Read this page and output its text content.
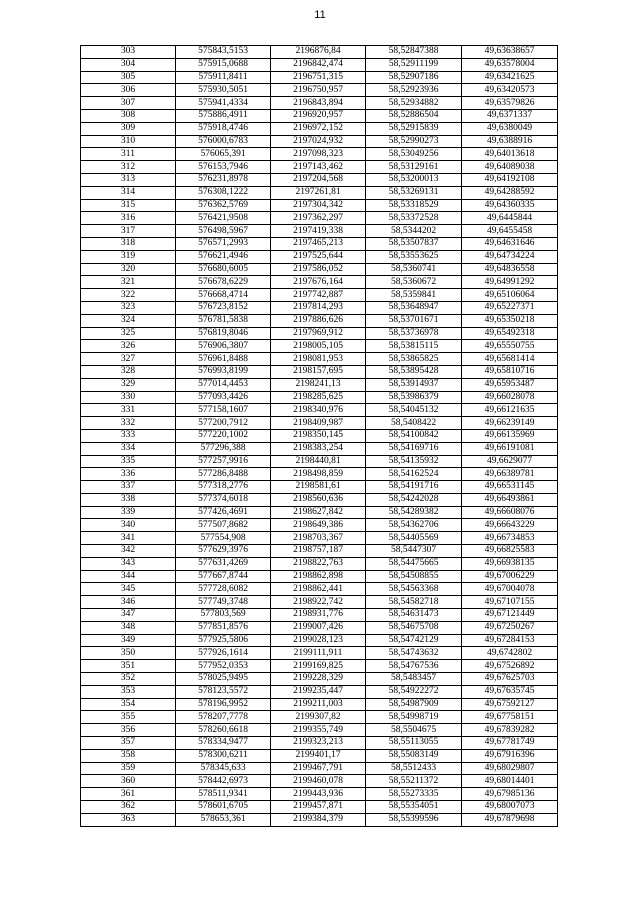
11
303	575843,5153	2196876,84	58,52847388	49,63638657
304	575915,0688	2196842,474	58,52911199	49,63578004
305	575911,8411	2196751,315	58,52907186	49,63421625
306	575930,5051	2196750,957	58,52923936	49,63420573
307	575941,4334	2196843,894	58,52934882	49,63579826
308	575886,4911	2196920,957	58,52886504	49,6371337
309	575918,4746	2196972,152	58,52915839	49,6380049
310	576000,6783	2197024,932	58,52990273	49,6388916
311	576065,391	2197098,323	58,53049256	49,64013618
312	576153,7946	2197143,462	58,53129161	49,64089038
313	576231,8978	2197204,568	58,53200013	49,64192108
314	576308,1222	2197261,81	58,53269131	49,64288592
315	576362,5769	2197304,342	58,53318529	49,64360335
316	576421,9508	2197362,297	58,53372528	49,6445844
317	576498,5967	2197419,338	58,5344202	49,6455458
318	576571,2993	2197465,213	58,53507837	49,64631646
319	576621,4946	2197525,644	58,53553625	49,64734224
320	576680,6005	2197586,052	58,5360741	49,64836558
321	576678,6229	2197676,164	58,5360672	49,64991292
322	576668,4714	2197742,887	58,5359841	49,65106064
323	576723,8152	2197814,293	58,53648947	49,65227371
324	576781,5838	2197886,626	58,53701671	49,65350218
325	576819,8046	2197969,912	58,53736978	49,65492318
326	576906,3807	2198005,105	58,53815115	49,65550755
327	576961,8488	2198081,953	58,53865825	49,65681414
328	576993,8199	2198157,695	58,53895428	49,65810716
329	577014,4453	2198241,13	58,53914937	49,65953487
330	577093,4426	2198285,625	58,53986379	49,66028078
331	577158,1607	2198340,976	58,54045132	49,66121635
332	577200,7912	2198409,987	58,5408422	49,66239149
333	577220,1002	2198350,145	58,54100842	49,66135969
334	577296,388	2198383,254	58,54169716	49,66191081
335	577257,9916	2198440,81	58,54135932	49,6629077
336	577286,8488	2198498,859	58,54162524	49,66389781
337	577318,2776	2198581,61	58,54191716	49,66531145
338	577374,6018	2198560,636	58,54242028	49,66493861
339	577426,4691	2198627,842	58,54289382	49,66608076
340	577507,8682	2198649,386	58,54362706	49,66643229
341	577554,908	2198703,367	58,54405569	49,66734853
342	577629,3976	2198757,187	58,5447307	49,66825583
343	577631,4269	2198822,763	58,54475665	49,66938135
344	577667,8744	2198862,898	58,54508855	49,67006229
345	577728,6082	2198862,441	58,54563368	49,67004078
346	577749,3748	2198922,742	58,54582718	49,67107155
347	577803,569	2198931,776	58,54631473	49,67121449
348	577851,8576	2199007,426	58,54675708	49,67250267
349	577925,5806	2199028,123	58,54742129	49,67284153
350	577926,1614	2199111,911	58,54743632	49,6742802
351	577952,0353	2199169,825	58,54767536	49,67526892
352	578025,9495	2199228,329	58,5483457	49,67625703
353	578123,5572	2199235,447	58,54922272	49,67635745
354	578196,9952	2199211,003	58,54987909	49,67592127
355	578207,7778	2199307,82	58,54998719	49,67758151
356	578260,6618	2199355,749	58,5504675	49,67839282
357	578334,9477	2199323,213	58,55113055	49,67781749
358	578300,6211	2199401,17	58,55083149	49,67916396
359	578345,633	2199467,791	58,5512433	49,68029807
360	578442,6973	2199460,078	58,55211372	49,68014401
361	578511,9341	2199443,936	58,55273335	49,67985136
362	578601,6705	2199457,871	58,55354051	49,68007073
363	578653,361	2199384,379	58,55399596	49,67879698
